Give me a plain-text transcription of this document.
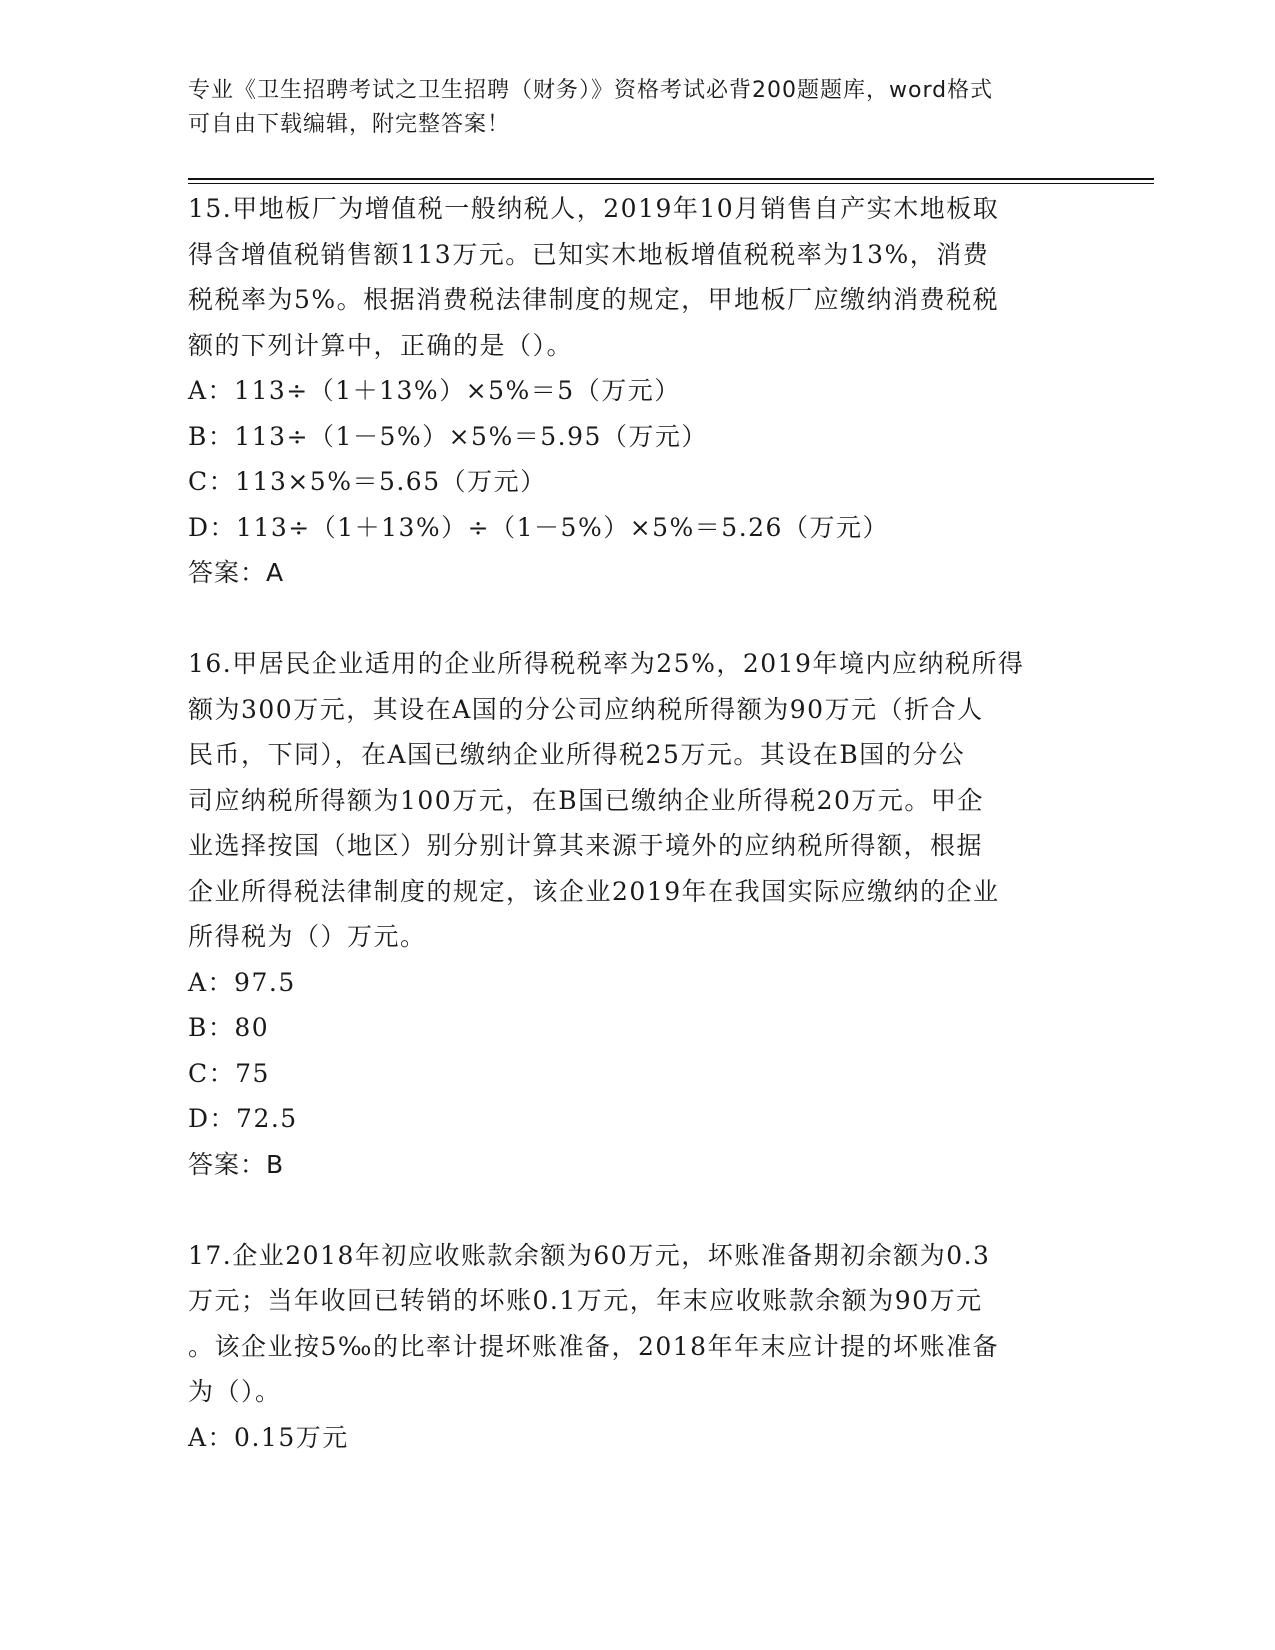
专业《卫生招聘考试之卫生招聘（财务）》资格考试必背200题题库，word格式
可自由下载编辑，附完整答案！
15.甲地板厂为增值税一般纳税人，2019年10月销售自产实木地板取
得含增值税销售额113万元。已知实木地板增值税税率为13%，消费
税税率为5%。根据消费税法律制度的规定，甲地板厂应缴纳消费税税
额的下列计算中，正确的是（）。
A：113÷（1＋13%）×5%＝5（万元）
B：113÷（1－5%）×5%＝5.95（万元）
C：113×5%＝5.65（万元）
D：113÷（1＋13%）÷（1－5%）×5%＝5.26（万元）
答案：A
16.甲居民企业适用的企业所得税税率为25%，2019年境内应纳税所得
额为300万元，其设在A国的分公司应纳税所得额为90万元（折合人
民币，下同），在A国已缴纳企业所得税25万元。其设在B国的分公
司应纳税所得额为100万元，在B国已缴纳企业所得税20万元。甲企
业选择按国（地区）别分别计算其来源于境外的应纳税所得额，根据
企业所得税法律制度的规定，该企业2019年在我国实际应缴纳的企业
所得税为（）万元。
A：97.5
B：80
C：75
D：72.5
答案：B
17.企业2018年初应收账款余额为60万元，坏账准备期初余额为0.3
万元；当年收回已转销的坏账0.1万元，年末应收账款余额为90万元
。该企业按5‰的比率计提坏账准备，2018年年末应计提的坏账准备
为（）。
A：0.15万元
